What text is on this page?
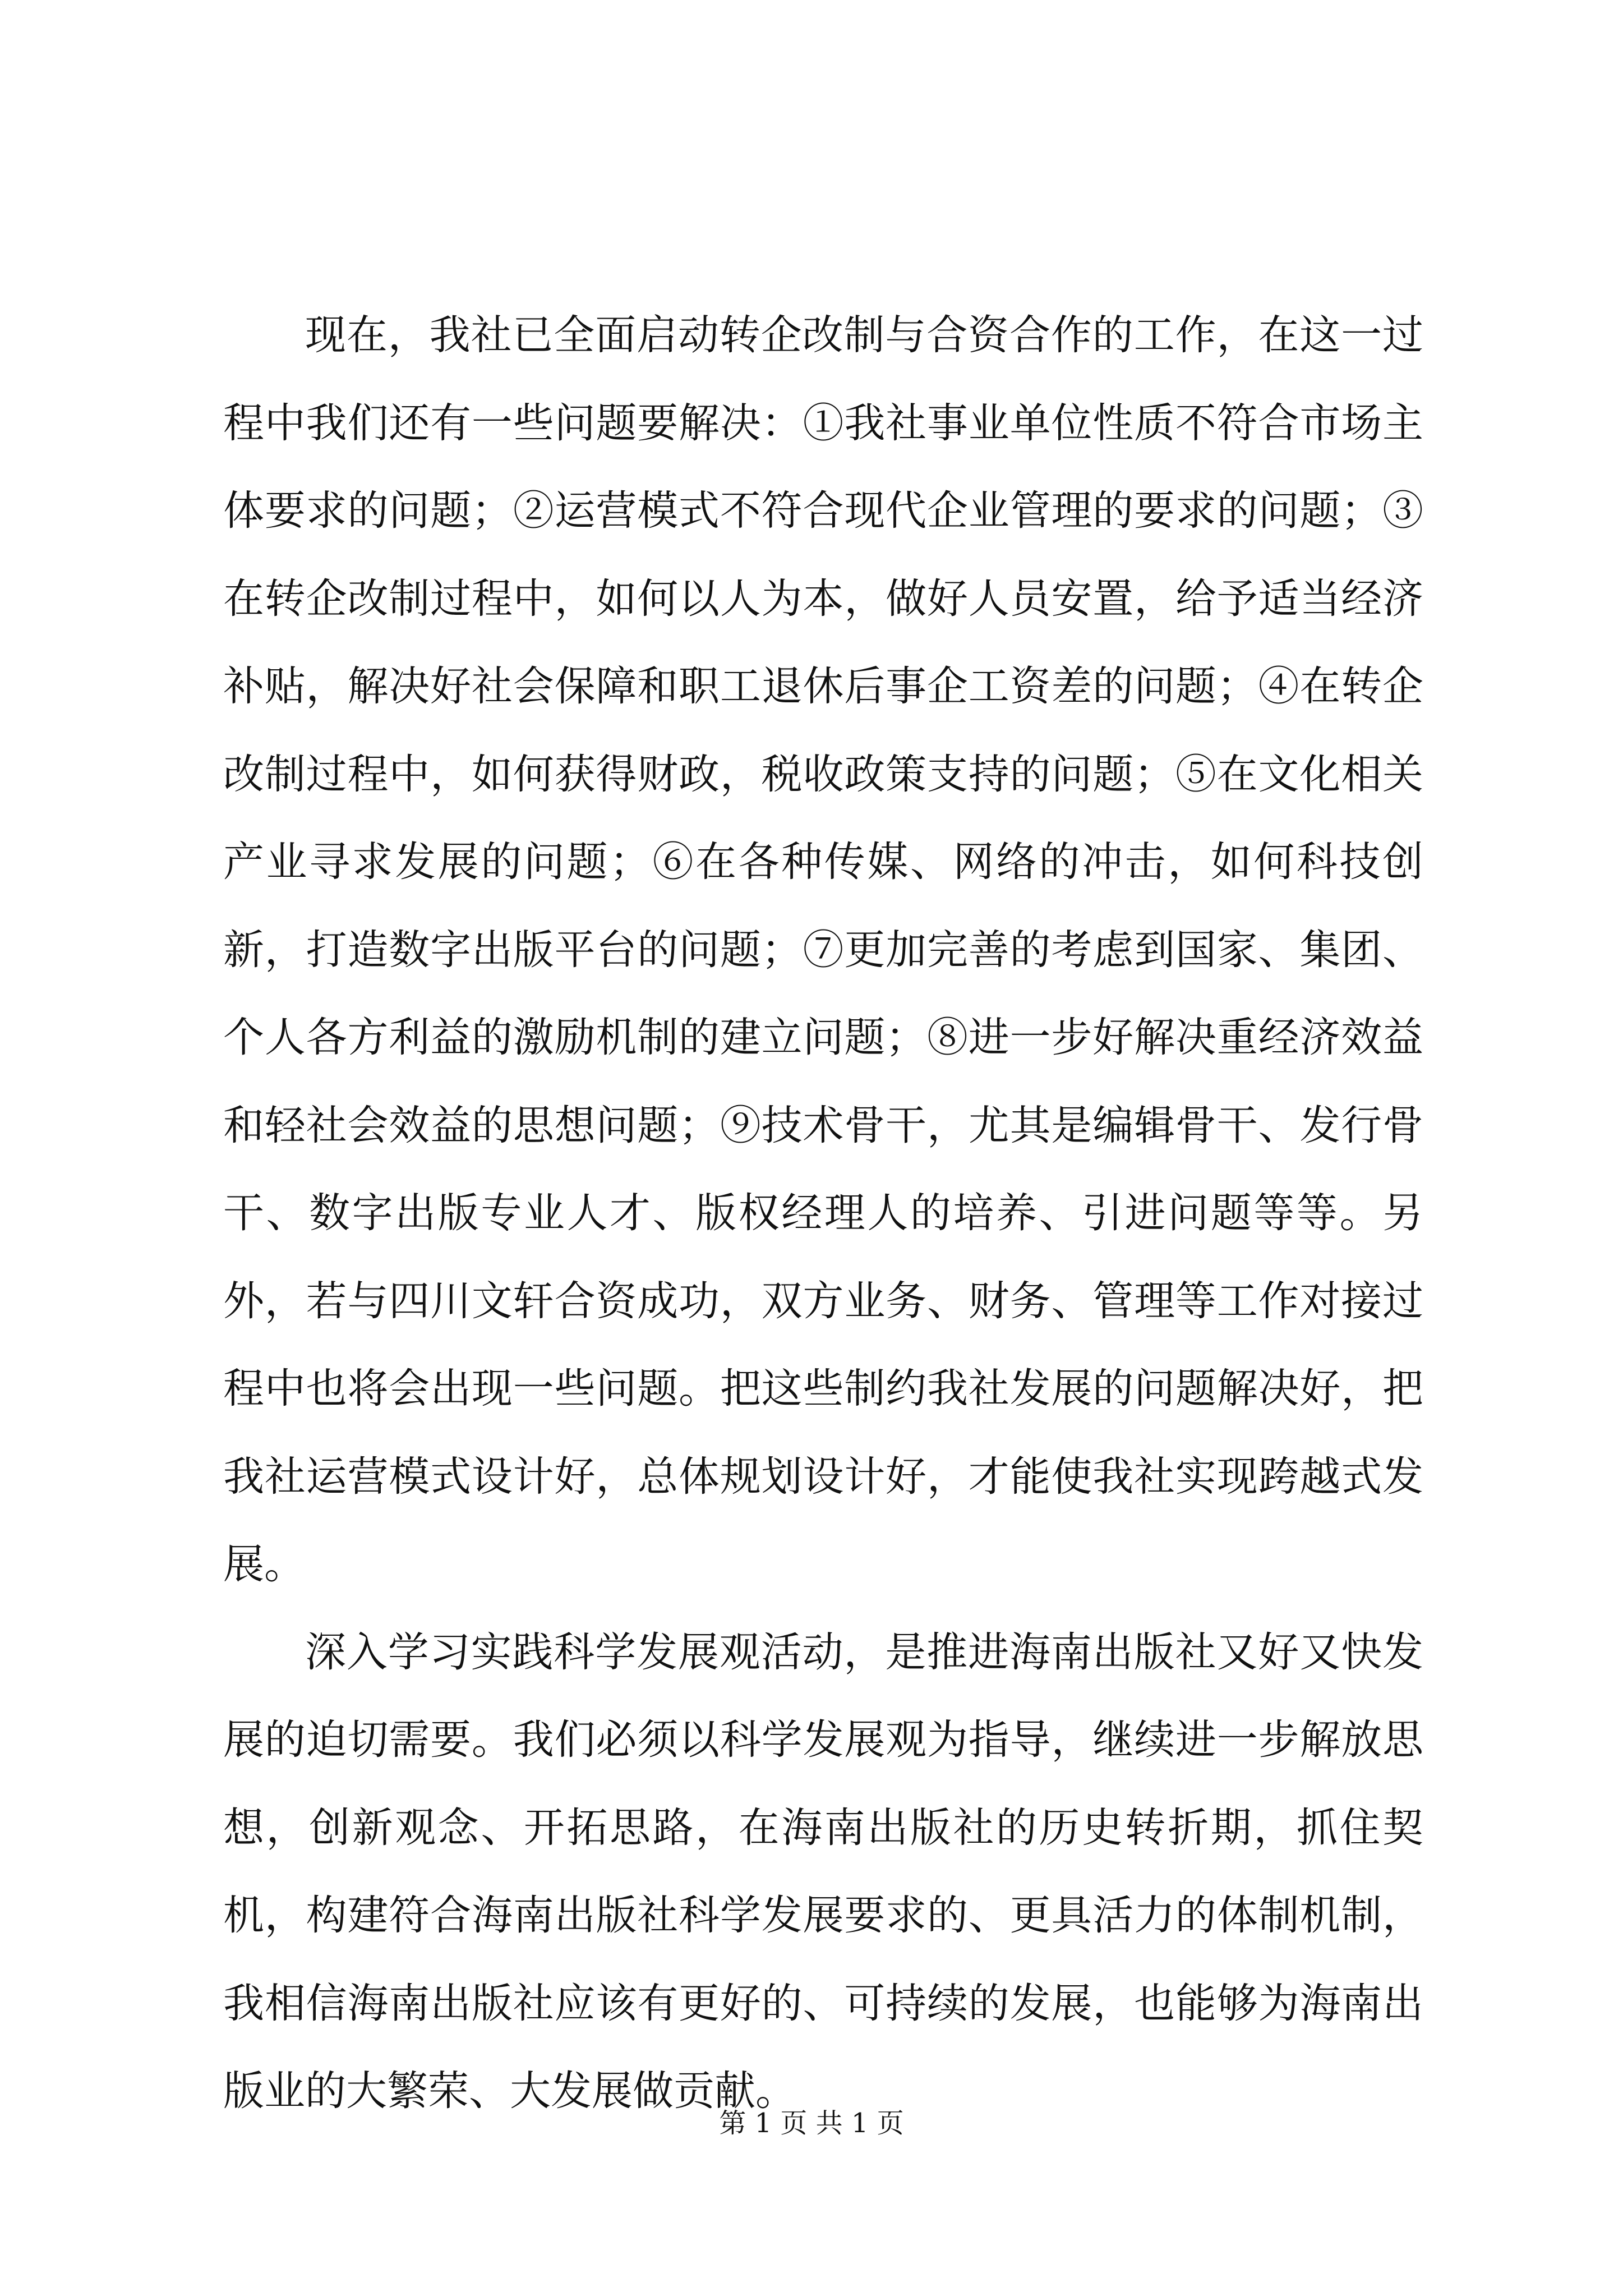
现在，我社已全面启动转企改制与合资合作的工作，在这一过程中我们还有一些问题要解决：①我社事业单位性质不符合市场主体要求的问题；②运营模式不符合现代企业管理的要求的问题；③在转企改制过程中，如何以人为本，做好人员安置，给予适当经济补贴，解决好社会保障和职工退休后事企工资差的问题；④在转企改制过程中，如何获得财政，税收政策支持的问题；⑤在文化相关产业寻求发展的问题；⑥在各种传媒、网络的冲击，如何科技创新，打造数字出版平台的问题；⑦更加完善的考虑到国家、集团、个人各方利益的激励机制的建立问题；⑧进一步好解决重经济效益和轻社会效益的思想问题；⑨技术骨干，尤其是编辑骨干、发行骨干、数字出版专业人才、版权经理人的培养、引进问题等等。另外，若与四川文轩合资成功，双方业务、财务、管理等工作对接过程中也将会出现一些问题。把这些制约我社发展的问题解决好，把我社运营模式设计好，总体规划设计好，才能使我社实现跨越式发展。

深入学习实践科学发展观活动，是推进海南出版社又好又快发展的迫切需要。我们必须以科学发展观为指导，继续进一步解放思想，创新观念、开拓思路，在海南出版社的历史转折期，抓住契机，构建符合海南出版社科学发展要求的、更具活力的体制机制，我相信海南出版社应该有更好的、可持续的发展，也能够为海南出版业的大繁荣、大发展做贡献。

第 1 页 共 1 页
